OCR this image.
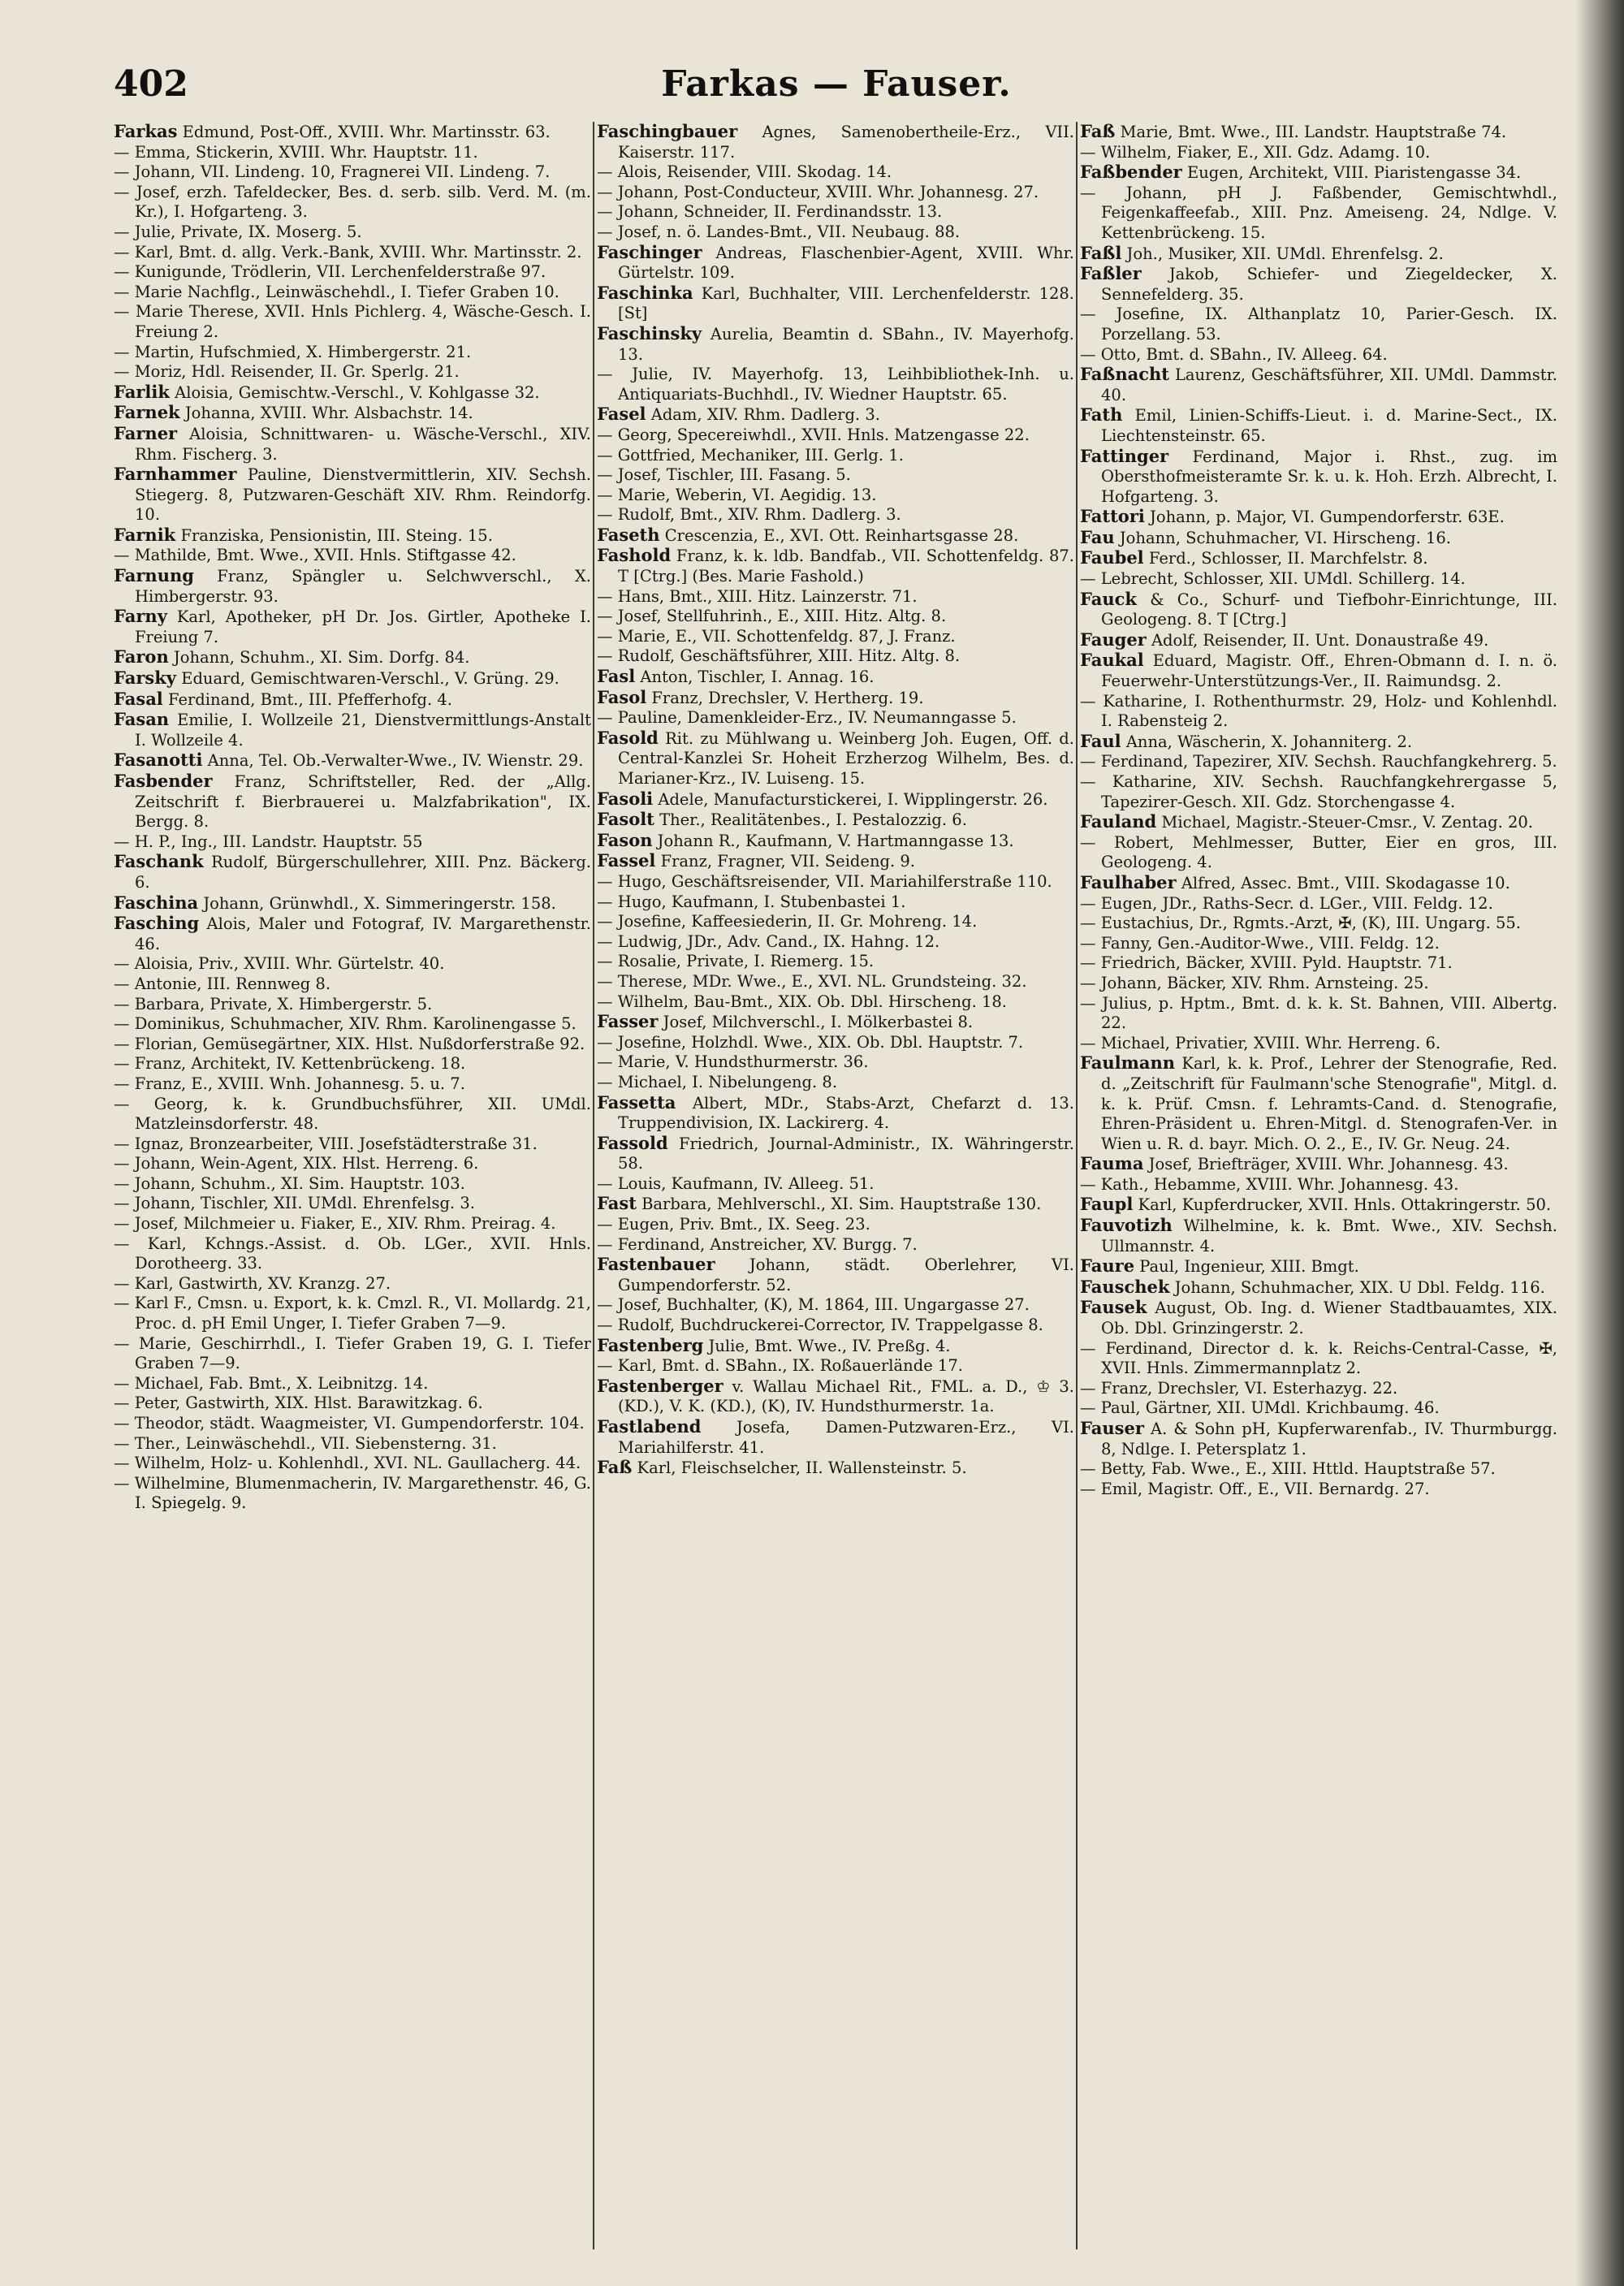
402	Farkas — Fauser.

Farkas Edmund, Post-Off., XVIII. Whr. Martinsstr. 63.

— Emma, Stickerin, XVIII. Whr. Hauptstr. 11.

— Johann, VII. Lindeng. 10, Fragnerei VII. Lindeng. 7.

— Josef, erzh. Tafeldecker, Bes. d. serb. silb. Verd. M. (m. Kr.), I. Hofgarteng. 3.

— Julie, Private, IX. Moserg. 5.

— Karl, Bmt. d. allg. Verk.-Bank, XVIII. Whr. Martinsstr. 2.

— Kunigunde, Trödlerin, VII. Lerchenfelderstraße 97.

— Marie Nachflg., Leinwäschehdl., I. Tiefer Graben 10.

— Marie Therese, XVII. Hnls Pichlerg. 4, Wäsche-Gesch. I. Freiung 2.

— Martin, Hufschmied, X. Himbergerstr. 21.

— Moriz, Hdl. Reisender, II. Gr. Sperlg. 21.

Farlik Aloisia, Gemischtw.-Verschl., V. Kohlgasse 32.

Farnek Johanna, XVIII. Whr. Alsbachstr. 14.

Farner Aloisia, Schnittwaren- u. Wäsche-Verschl., XIV. Rhm. Fischerg. 3.

Farnhammer Pauline, Dienstvermittlerin, XIV. Sechsh. Stiegerg. 8, Putzwaren-Geschäft XIV. Rhm. Reindorfg. 10.

Farnik Franziska, Pensionistin, III. Steing. 15.

— Mathilde, Bmt. Wwe., XVII. Hnls. Stiftgasse 42.

Farnung Franz, Spängler u. Selchwverschl., X. Himbergerstr. 93.

Farny Karl, Apotheker, pH Dr. Jos. Girtler, Apotheke I. Freiung 7.

Faron Johann, Schuhm., XI. Sim. Dorfg. 84.

Farsky Eduard, Gemischtwaren-Verschl., V. Grüng. 29.

Fasal Ferdinand, Bmt., III. Pfefferhofg. 4.

Fasan Emilie, I. Wollzeile 21, Dienstvermittlungs-Anstalt I. Wollzeile 4.

Fasanotti Anna, Tel. Ob.-Verwalter-Wwe., IV. Wienstr. 29.

Fasbender Franz, Schriftsteller, Red. der „Allg. Zeitschrift f. Bierbrauerei u. Malzfabrikation", IX. Bergg. 8.

— H. P., Ing., III. Landstr. Hauptstr. 55

Faschank Rudolf, Bürgerschullehrer, XIII. Pnz. Bäckerg. 6.

Faschina Johann, Grünwhdl., X. Simmeringerstr. 158.

Fasching Alois, Maler und Fotograf, IV. Margarethenstr. 46.

— Aloisia, Priv., XVIII. Whr. Gürtelstr. 40.

— Antonie, III. Rennweg 8.

— Barbara, Private, X. Himbergerstr. 5.

— Dominikus, Schuhmacher, XIV. Rhm. Karolinengasse 5.

— Florian, Gemüsegärtner, XIX. Hlst. Nußdorferstraße 92.

— Franz, Architekt, IV. Kettenbrückeng. 18.

— Franz, E., XVIII. Wnh. Johannesg. 5. u. 7.

— Georg, k. k. Grundbuchsführer, XII. UMdl. Matzleinsdorferstr. 48.

— Ignaz, Bronzearbeiter, VIII. Josefstädterstraße 31.

— Johann, Wein-Agent, XIX. Hlst. Herreng. 6.

— Johann, Schuhm., XI. Sim. Hauptstr. 103.

— Johann, Tischler, XII. UMdl. Ehrenfelsg. 3.

— Josef, Milchmeier u. Fiaker, E., XIV. Rhm. Preirag. 4.

— Karl, Kchngs.-Assist. d. Ob. LGer., XVII. Hnls. Dorotheerg. 33.

— Karl, Gastwirth, XV. Kranzg. 27.

— Karl F., Cmsn. u. Export, k. k. Cmzl. R., VI. Mollardg. 21, Proc. d. pH Emil Unger, I. Tiefer Graben 7—9.

— Marie, Geschirrhdl., I. Tiefer Graben 19, G. I. Tiefer Graben 7—9.

— Michael, Fab. Bmt., X. Leibnitzg. 14.

— Peter, Gastwirth, XIX. Hlst. Barawitzkag. 6.

— Theodor, städt. Waagmeister, VI. Gumpendorferstr. 104.

— Ther., Leinwäschehdl., VII. Siebensterng. 31.

— Wilhelm, Holz- u. Kohlenhdl., XVI. NL. Gaullacherg. 44.

— Wilhelmine, Blumenmacherin, IV. Margarethenstr. 46, G. I. Spiegelg. 9.

Faschingbauer Agnes, Samenobertheile-Erz., VII. Kaiserstr. 117.

— Alois, Reisender, VIII. Skodag. 14.

— Johann, Post-Conducteur, XVIII. Whr. Johannesg. 27.

— Johann, Schneider, II. Ferdinandsstr. 13.

— Josef, n. ö. Landes-Bmt., VII. Neubaug. 88.

Faschinger Andreas, Flaschenbier-Agent, XVIII. Whr. Gürtelstr. 109.

Faschinka Karl, Buchhalter, VIII. Lerchenfelderstr. 128. [St]

Faschinsky Aurelia, Beamtin d. SBahn., IV. Mayerhofg. 13.

— Julie, IV. Mayerhofg. 13, Leihbibliothek-Inh. u. Antiquariats-Buchhdl., IV. Wiedner Hauptstr. 65.

Fasel Adam, XIV. Rhm. Dadlerg. 3.

— Georg, Specereiwhdl., XVII. Hnls. Matzengasse 22.

— Gottfried, Mechaniker, III. Gerlg. 1.

— Josef, Tischler, III. Fasang. 5.

— Marie, Weberin, VI. Aegidig. 13.

— Rudolf, Bmt., XIV. Rhm. Dadlerg. 3.

Faseth Crescenzia, E., XVI. Ott. Reinhartsgasse 28.

Fashold Franz, k. k. ldb. Bandfab., VII. Schottenfeldg. 87. T [Ctrg.] (Bes. Marie Fashold.)

— Hans, Bmt., XIII. Hitz. Lainzerstr. 71.

— Josef, Stellfuhrinh., E., XIII. Hitz. Altg. 8.

— Marie, E., VII. Schottenfeldg. 87, J. Franz.

— Rudolf, Geschäftsführer, XIII. Hitz. Altg. 8.

Fasl Anton, Tischler, I. Annag. 16.

Fasol Franz, Drechsler, V. Hertherg. 19.

— Pauline, Damenkleider-Erz., IV. Neumanngasse 5.

Fasold Rit. zu Mühlwang u. Weinberg Joh. Eugen, Off. d. Central-Kanzlei Sr. Hoheit Erzherzog Wilhelm, Bes. d. Marianer-Krz., IV. Luiseng. 15.

Fasoli Adele, Manufacturstickerei, I. Wipplingerstr. 26.

Fasolt Ther., Realitätenbes., I. Pestalozzig. 6.

Fason Johann R., Kaufmann, V. Hartmanngasse 13.

Fassel Franz, Fragner, VII. Seideng. 9.

— Hugo, Geschäftsreisender, VII. Mariahilferstraße 110.

— Hugo, Kaufmann, I. Stubenbastei 1.

— Josefine, Kaffeesiederin, II. Gr. Mohreng. 14.

— Ludwig, JDr., Adv. Cand., IX. Hahng. 12.

— Rosalie, Private, I. Riemerg. 15.

— Therese, MDr. Wwe., E., XVI. NL. Grundsteing. 32.

— Wilhelm, Bau-Bmt., XIX. Ob. Dbl. Hirscheng. 18.

Fasser Josef, Milchverschl., I. Mölkerbastei 8.

— Josefine, Holzhdl. Wwe., XIX. Ob. Dbl. Hauptstr. 7.

— Marie, V. Hundsthurmerstr. 36.

— Michael, I. Nibelungeng. 8.

Fassetta Albert, MDr., Stabs-Arzt, Chefarzt d. 13. Truppendivision, IX. Lackirerg. 4.

Fassold Friedrich, Journal-Administr., IX. Währingerstr. 58.

— Louis, Kaufmann, IV. Alleeg. 51.

Fast Barbara, Mehlverschl., XI. Sim. Hauptstraße 130.

— Eugen, Priv. Bmt., IX. Seeg. 23.

— Ferdinand, Anstreicher, XV. Burgg. 7.

Fastenbauer Johann, städt. Oberlehrer, VI. Gumpendorferstr. 52.

— Josef, Buchhalter, (K), M. 1864, III. Ungargasse 27.

— Rudolf, Buchdruckerei-Corrector, IV. Trappelgasse 8.

Fastenberg Julie, Bmt. Wwe., IV. Preßg. 4.

— Karl, Bmt. d. SBahn., IX. Roßauerlände 17.

Fastenberger v. Wallau Michael Rit., FML. a. D., ♔ 3. (KD.), V. K. (KD.), (K), IV. Hundsthurmerstr. 1a.

Fastlabend Josefa, Damen-Putzwaren-Erz., VI. Mariahilferstr. 41.

Faß Karl, Fleischselcher, II. Wallensteinstr. 5.

Faß Marie, Bmt. Wwe., III. Landstr. Hauptstraße 74.

— Wilhelm, Fiaker, E., XII. Gdz. Adamg. 10.

Faßbender Eugen, Architekt, VIII. Piaristengasse 34.

— Johann, pH J. Faßbender, Gemischtwhdl., Feigenkaffeefab., XIII. Pnz. Ameiseng. 24, Ndlge. V. Kettenbrückeng. 15.

Faßl Joh., Musiker, XII. UMdl. Ehrenfelsg. 2.

Faßler Jakob, Schiefer- und Ziegeldecker, X. Sennefelderg. 35.

— Josefine, IX. Althanplatz 10, Parier-Gesch. IX. Porzellang. 53.

— Otto, Bmt. d. SBahn., IV. Alleeg. 64.

Faßnacht Laurenz, Geschäftsführer, XII. UMdl. Dammstr. 40.

Fath Emil, Linien-Schiffs-Lieut. i. d. Marine-Sect., IX. Liechtensteinstr. 65.

Fattinger Ferdinand, Major i. Rhst., zug. im Obersthofmeisteramte Sr. k. u. k. Hoh. Erzh. Albrecht, I. Hofgarteng. 3.

Fattori Johann, p. Major, VI. Gumpendorferstr. 63E.

Fau Johann, Schuhmacher, VI. Hirscheng. 16.

Faubel Ferd., Schlosser, II. Marchfelstr. 8.

— Lebrecht, Schlosser, XII. UMdl. Schillerg. 14.

Fauck & Co., Schurf- und Tiefbohr-Einrichtunge, III. Geologeng. 8. T [Ctrg.]

Fauger Adolf, Reisender, II. Unt. Donaustraße 49.

Faukal Eduard, Magistr. Off., Ehren-Obmann d. I. n. ö. Feuerwehr-Unterstützungs-Ver., II. Raimundsg. 2.

— Katharine, I. Rothenthurmstr. 29, Holz- und Kohlenhdl. I. Rabensteig 2.

Faul Anna, Wäscherin, X. Johanniterg. 2.

— Ferdinand, Tapezirer, XIV. Sechsh. Rauchfangkehrerg. 5.

— Katharine, XIV. Sechsh. Rauchfangkehrergasse 5, Tapezirer-Gesch. XII. Gdz. Storchengasse 4.

Fauland Michael, Magistr.-Steuer-Cmsr., V. Zentag. 20.

— Robert, Mehlmesser, Butter, Eier en gros, III. Geologeng. 4.

Faulhaber Alfred, Assec. Bmt., VIII. Skodagasse 10.

— Eugen, JDr., Raths-Secr. d. LGer., VIII. Feldg. 12.

— Eustachius, Dr., Rgmts.-Arzt, ✠, (K), III. Ungarg. 55.

— Fanny, Gen.-Auditor-Wwe., VIII. Feldg. 12.

— Friedrich, Bäcker, XVIII. Pyld. Hauptstr. 71.

— Johann, Bäcker, XIV. Rhm. Arnsteing. 25.

— Julius, p. Hptm., Bmt. d. k. k. St. Bahnen, VIII. Albertg. 22.

— Michael, Privatier, XVIII. Whr. Herreng. 6.

Faulmann Karl, k. k. Prof., Lehrer der Stenografie, Red. d. „Zeitschrift für Faulmann'sche Stenografie", Mitgl. d. k. k. Prüf. Cmsn. f. Lehramts-Cand. d. Stenografie, Ehren-Präsident u. Ehren-Mitgl. d. Stenografen-Ver. in Wien u. R. d. bayr. Mich. O. 2., E., IV. Gr. Neug. 24.

Fauma Josef, Briefträger, XVIII. Whr. Johannesg. 43.

— Kath., Hebamme, XVIII. Whr. Johannesg. 43.

Faupl Karl, Kupferdrucker, XVII. Hnls. Ottakringerstr. 50.

Fauvotizh Wilhelmine, k. k. Bmt. Wwe., XIV. Sechsh. Ullmannstr. 4.

Faure Paul, Ingenieur, XIII. Bmgt.

Fauschek Johann, Schuhmacher, XIX. U Dbl. Feldg. 116.

Fausek August, Ob. Ing. d. Wiener Stadtbauamtes, XIX. Ob. Dbl. Grinzingerstr. 2.

— Ferdinand, Director d. k. k. Reichs-Central-Casse, ✠, XVII. Hnls. Zimmermannplatz 2.

— Franz, Drechsler, VI. Esterhazyg. 22.

— Paul, Gärtner, XII. UMdl. Krichbaumg. 46.

Fauser A. & Sohn pH, Kupferwarenfab., IV. Thurmburgg. 8, Ndlge. I. Petersplatz 1.

— Betty, Fab. Wwe., E., XIII. Httld. Hauptstraße 57.

— Emil, Magistr. Off., E., VII. Bernardg. 27.
